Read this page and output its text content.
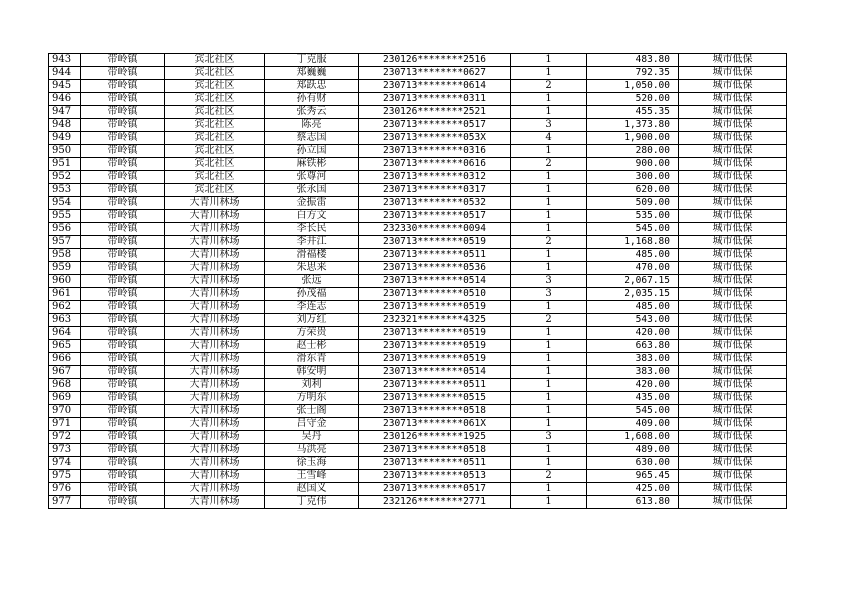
943	带岭镇	宾北社区	丁克服	230126********2516	1	483.80	城市低保
944	带岭镇	宾北社区	郑巍巍	230713********0627	1	792.35	城市低保
945	带岭镇	宾北社区	郑跃忠	230713********0614	2	1,050.00	城市低保
946	带岭镇	宾北社区	孙有财	230713********0311	1	520.00	城市低保
947	带岭镇	宾北社区	张秀云	230126********2521	1	455.35	城市低保
948	带岭镇	宾北社区	陈亮	230713********0517	3	1,373.80	城市低保
949	带岭镇	宾北社区	蔡志国	230713********053X	4	1,900.00	城市低保
950	带岭镇	宾北社区	孙立国	230713********0316	1	280.00	城市低保
951	带岭镇	宾北社区	麻铁彬	230713********0616	2	900.00	城市低保
952	带岭镇	宾北社区	张尊河	230713********0312	1	300.00	城市低保
953	带岭镇	宾北社区	张永国	230713********0317	1	620.00	城市低保
954	带岭镇	大青川林场	金振雷	230713********0532	1	509.00	城市低保
955	带岭镇	大青川林场	白方文	230713********0517	1	535.00	城市低保
956	带岭镇	大青川林场	李长民	232330********0094	1	545.00	城市低保
957	带岭镇	大青川林场	李井江	230713********0519	2	1,168.80	城市低保
958	带岭镇	大青川林场	滑福楼	230713********0511	1	485.00	城市低保
959	带岭镇	大青川林场	朱思来	230713********0536	1	470.00	城市低保
960	带岭镇	大青川林场	张远	230713********0514	3	2,067.15	城市低保
961	带岭镇	大青川林场	孙茂福	230713********0510	3	2,035.15	城市低保
962	带岭镇	大青川林场	李连志	230713********0519	1	485.00	城市低保
963	带岭镇	大青川林场	刘万红	232321********4325	2	543.00	城市低保
964	带岭镇	大青川林场	方荣贵	230713********0519	1	420.00	城市低保
965	带岭镇	大青川林场	赵士彬	230713********0519	1	663.80	城市低保
966	带岭镇	大青川林场	滑东青	230713********0519	1	383.00	城市低保
967	带岭镇	大青川林场	韩安明	230713********0514	1	383.00	城市低保
968	带岭镇	大青川林场	刘利	230713********0511	1	420.00	城市低保
969	带岭镇	大青川林场	方明东	230713********0515	1	435.00	城市低保
970	带岭镇	大青川林场	张士阁	230713********0518	1	545.00	城市低保
971	带岭镇	大青川林场	吕守金	230713********061X	1	409.00	城市低保
972	带岭镇	大青川林场	吴丹	230126********1925	3	1,608.00	城市低保
973	带岭镇	大青川林场	马洪亮	230713********0518	1	489.00	城市低保
974	带岭镇	大青川林场	徐玉海	230713********0511	1	630.00	城市低保
975	带岭镇	大青川林场	王雪峰	230713********0513	2	965.45	城市低保
976	带岭镇	大青川林场	赵国义	230713********0517	1	425.00	城市低保
977	带岭镇	大青川林场	丁克伟	232126********2771	1	613.80	城市低保
